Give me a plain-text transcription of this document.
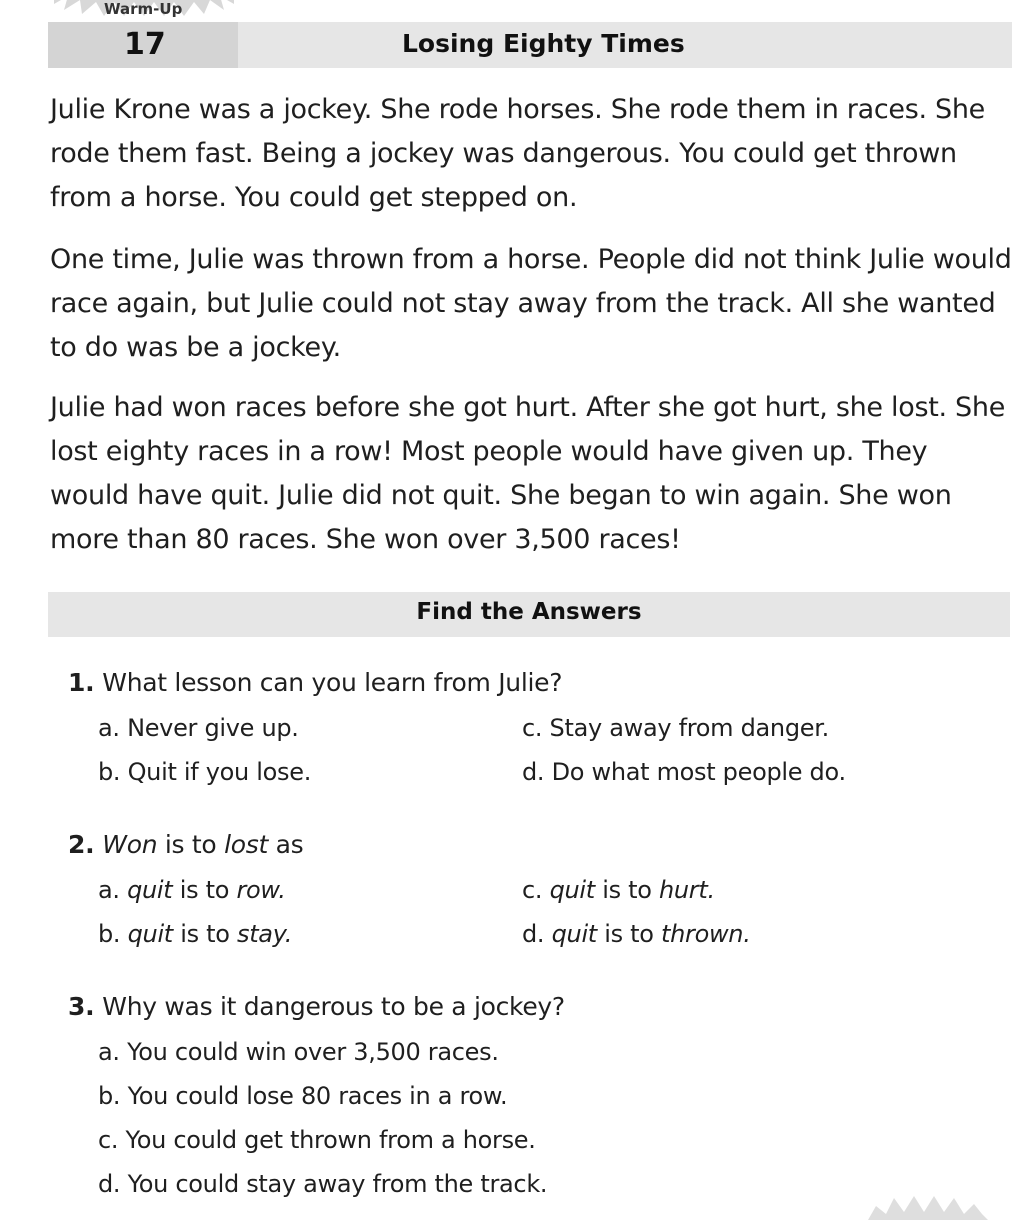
Warm-Up
17	Losing Eighty Times

Julie Krone was a jockey. She rode horses. She rode them in races. She rode them fast. Being a jockey was dangerous. You could get thrown from a horse. You could get stepped on.

One time, Julie was thrown from a horse. People did not think Julie would race again, but Julie could not stay away from the track. All she wanted to do was be a jockey.

Julie had won races before she got hurt. After she got hurt, she lost. She lost eighty races in a row! Most people would have given up. They would have quit. Julie did not quit. She began to win again. She won more than 80 races. She won over 3,500 races!

Find the Answers
1. What lesson can you learn from Julie?
a. Never give up.
b. Quit if you lose.
c. Stay away from danger.
d. Do what most people do.
2. Won is to lost as
a. quit is to row.
b. quit is to stay.
c. quit is to hurt.
d. quit is to thrown.
3. Why was it dangerous to be a jockey?
a. You could win over 3,500 races.
b. You could lose 80 races in a row.
c. You could get thrown from a horse.
d. You could stay away from the track.
